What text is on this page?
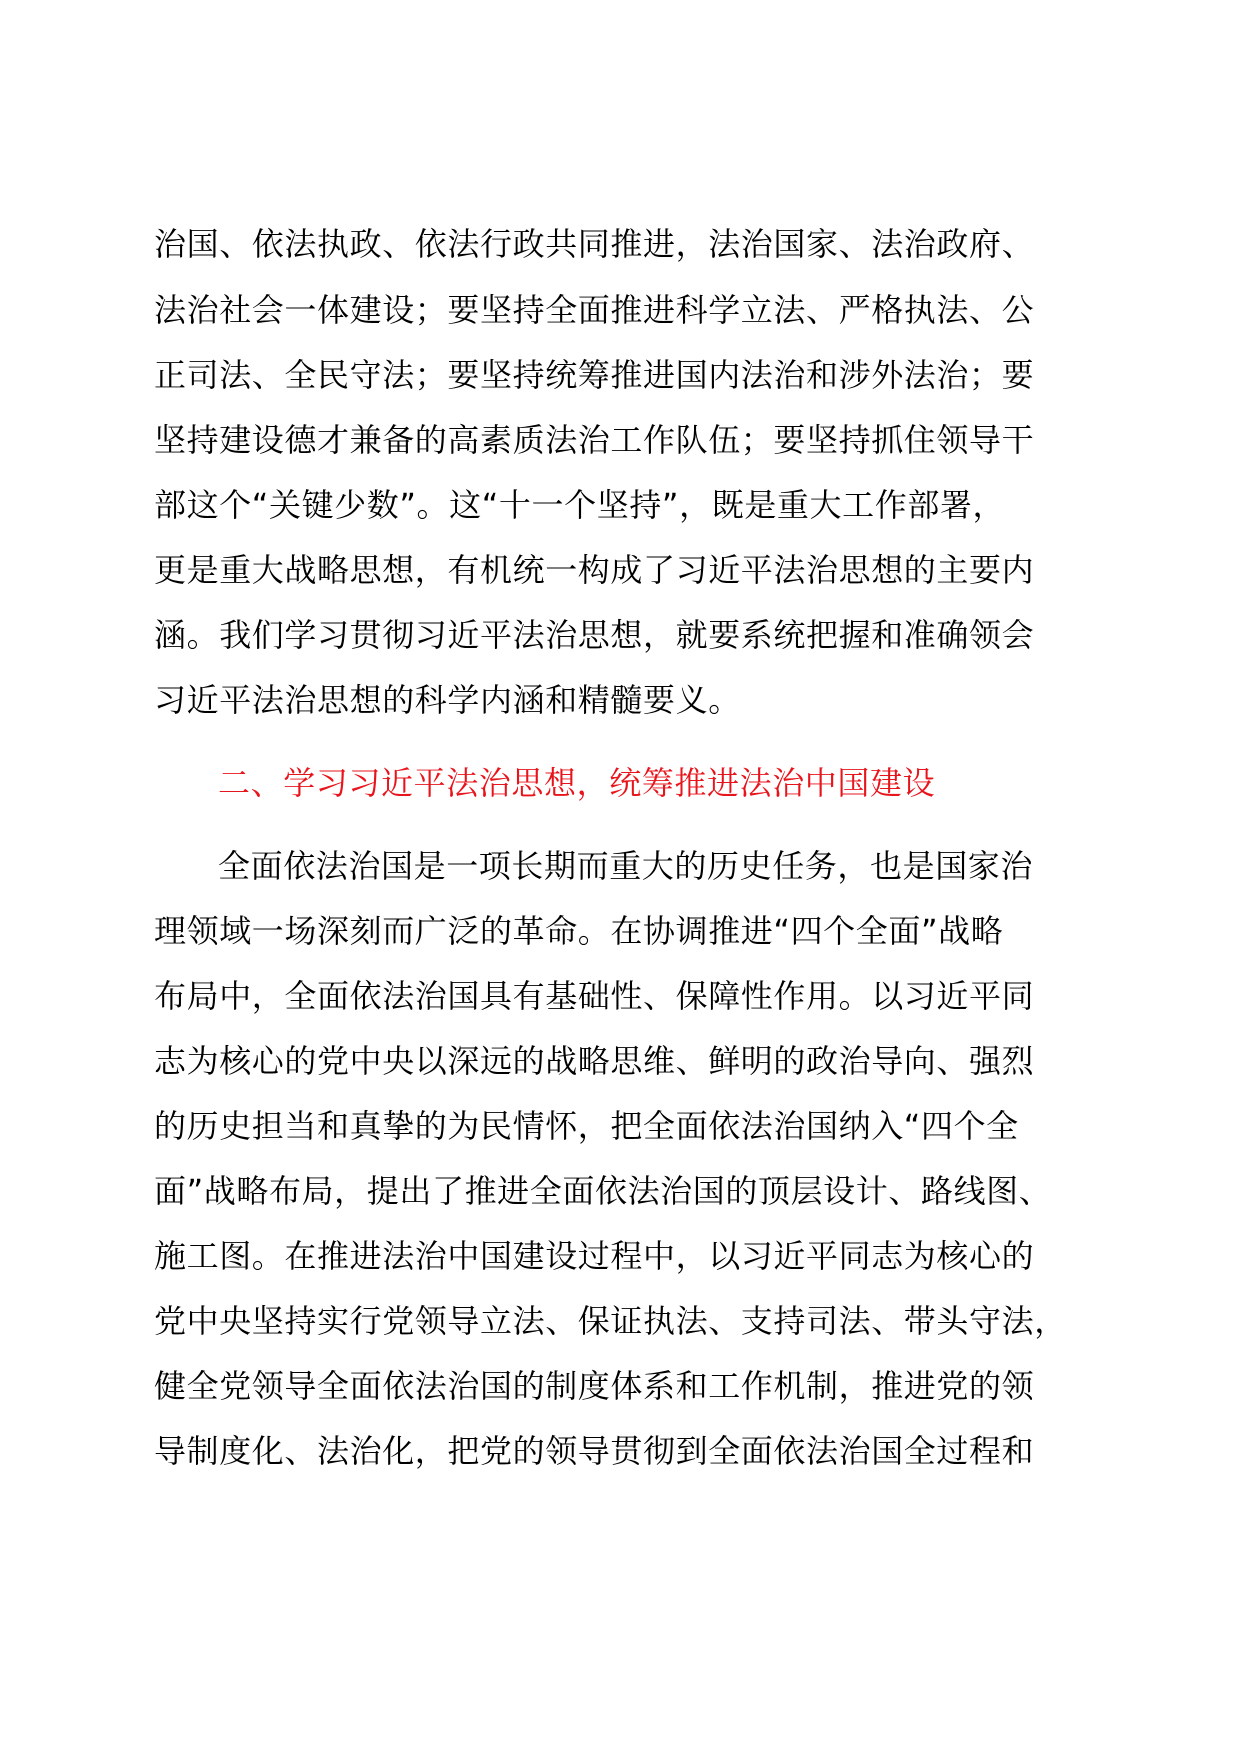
治国、依法执政、依法行政共同推进，法治国家、法治政府、
法治社会一体建设；要坚持全面推进科学立法、严格执法、公
正司法、全民守法；要坚持统筹推进国内法治和涉外法治；要
坚持建设德才兼备的高素质法治工作队伍；要坚持抓住领导干
部这个“关键少数”。这“十一个坚持”，既是重大工作部署，
更是重大战略思想，有机统一构成了习近平法治思想的主要内
涵。我们学习贯彻习近平法治思想，就要系统把握和准确领会
习近平法治思想的科学内涵和精髓要义。
二、学习习近平法治思想，统筹推进法治中国建设
全面依法治国是一项长期而重大的历史任务，也是国家治
理领域一场深刻而广泛的革命。在协调推进“四个全面”战略
布局中，全面依法治国具有基础性、保障性作用。以习近平同
志为核心的党中央以深远的战略思维、鲜明的政治导向、强烈
的历史担当和真挚的为民情怀，把全面依法治国纳入“四个全
面”战略布局，提出了推进全面依法治国的顶层设计、路线图、
施工图。在推进法治中国建设过程中，以习近平同志为核心的
党中央坚持实行党领导立法、保证执法、支持司法、带头守法，
健全党领导全面依法治国的制度体系和工作机制，推进党的领
导制度化、法治化，把党的领导贯彻到全面依法治国全过程和
